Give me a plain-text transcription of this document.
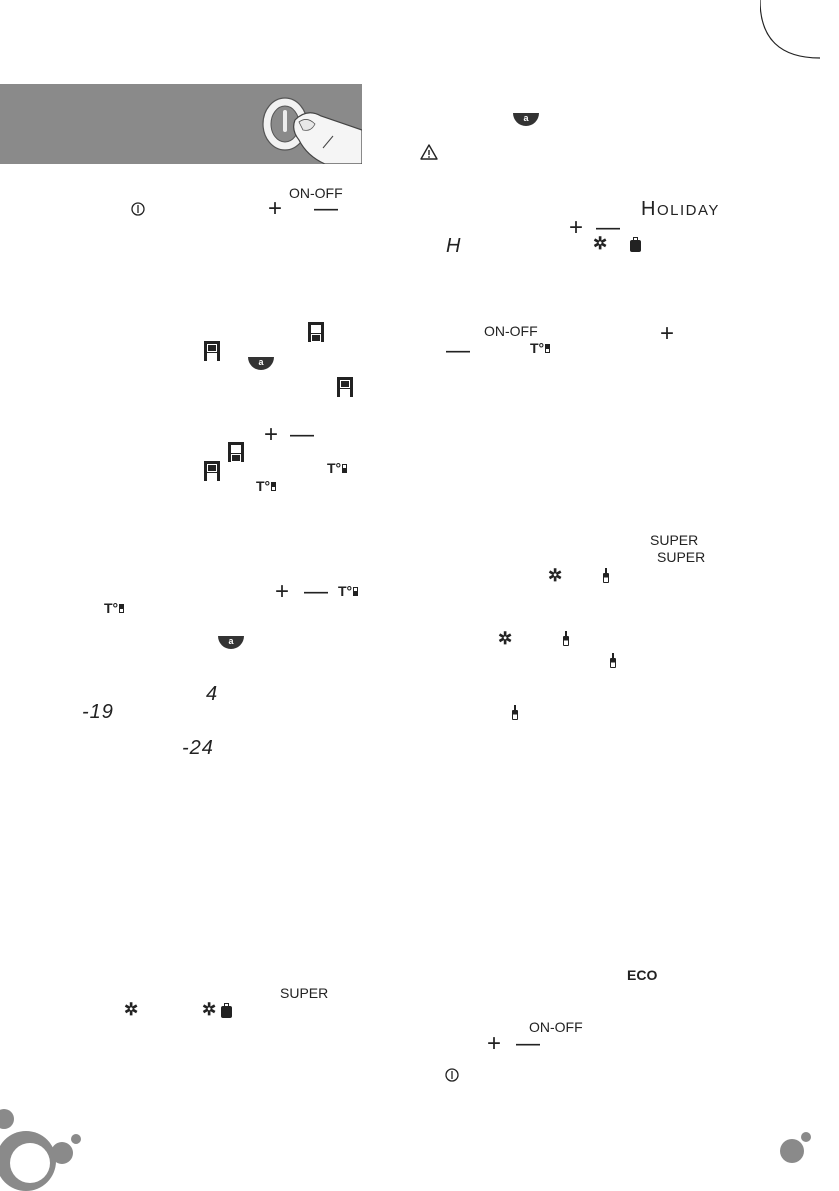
ON-OFF
+ —
a
+ —
T°
T°
+ — T°
T°
a
4
-19
-24
SUPER
✲	✲

a
HOLIDAY
+ —
H	✲

ON-OFF	+
—	T°
SUPER
SUPER
✲

✲

ECO
ON-OFF
+ —
